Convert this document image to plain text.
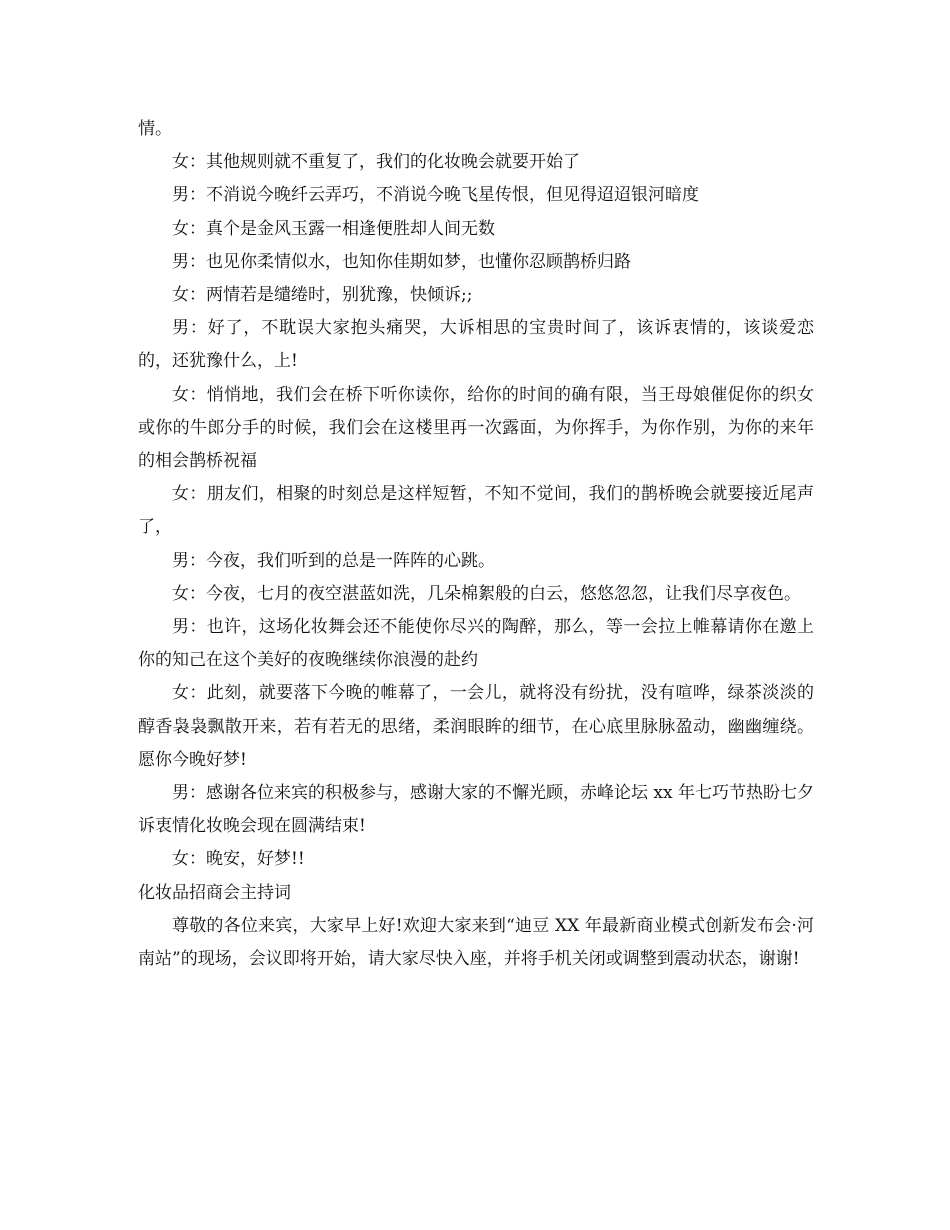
情。

女：其他规则就不重复了，我们的化妆晚会就要开始了

男：不消说今晚纤云弄巧，不消说今晚飞星传恨，但见得迢迢银河暗度

女：真个是金风玉露一相逢便胜却人间无数

男：也见你柔情似水，也知你佳期如梦，也懂你忍顾鹊桥归路

女：两情若是缱绻时，别犹豫，快倾诉;;

男：好了，不耽误大家抱头痛哭，大诉相思的宝贵时间了，该诉衷情的，该谈爱恋的，还犹豫什么，上!

女：悄悄地，我们会在桥下听你读你，给你的时间的确有限，当王母娘催促你的织女或你的牛郎分手的时候，我们会在这楼里再一次露面，为你挥手，为你作别，为你的来年的相会鹊桥祝福

女：朋友们，相聚的时刻总是这样短暂，不知不觉间，我们的鹊桥晚会就要接近尾声了，

男：今夜，我们听到的总是一阵阵的心跳。

女：今夜，七月的夜空湛蓝如洗，几朵棉絮般的白云，悠悠忽忽，让我们尽享夜色。

男：也许，这场化妆舞会还不能使你尽兴的陶醉，那么，等一会拉上帷幕请你在邀上你的知己在这个美好的夜晚继续你浪漫的赴约

女：此刻，就要落下今晚的帷幕了，一会儿，就将没有纷扰，没有喧哗，绿茶淡淡的醇香袅袅飘散开来，若有若无的思绪，柔润眼眸的细节，在心底里脉脉盈动，幽幽缠绕。愿你今晚好梦!

男：感谢各位来宾的积极参与，感谢大家的不懈光顾，赤峰论坛 xx 年七巧节热盼七夕诉衷情化妆晚会现在圆满结束!

女：晚安，好梦!!

化妆品招商会主持词

尊敬的各位来宾，大家早上好!欢迎大家来到“迪豆 XX 年最新商业模式创新发布会·河南站”的现场，会议即将开始，请大家尽快入座，并将手机关闭或调整到震动状态，谢谢!
